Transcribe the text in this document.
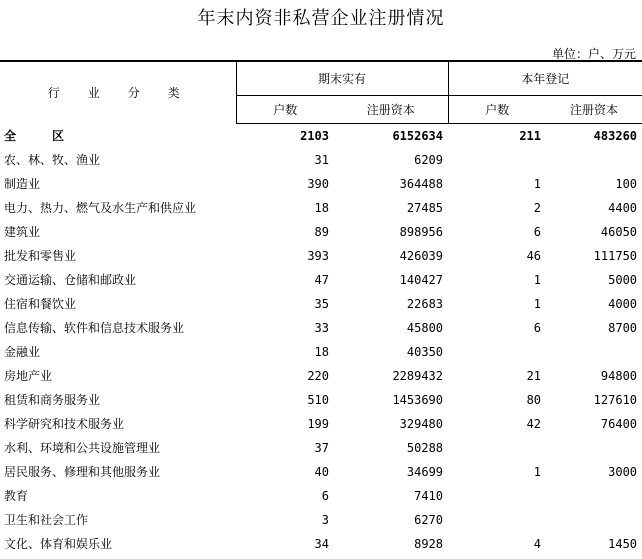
年末内资非私营企业注册情况
单位：户、万元
行业分类	期末实有		本年登记	
	户数	注册资本	户数	注册资本
全区	2103	6152634	211	483260
农、林、牧、渔业	31	6209		
制造业	390	364488	1	100
电力、热力、燃气及水生产和供应业	18	27485	2	4400
建筑业	89	898956	6	46050
批发和零售业	393	426039	46	111750
交通运输、仓储和邮政业	47	140427	1	5000
住宿和餐饮业	35	22683	1	4000
信息传输、软件和信息技术服务业	33	45800	6	8700
金融业	18	40350		
房地产业	220	2289432	21	94800
租赁和商务服务业	510	1453690	80	127610
科学研究和技术服务业	199	329480	42	76400
水利、环境和公共设施管理业	37	50288		
居民服务、修理和其他服务业	40	34699	1	3000
教育	6	7410		
卫生和社会工作	3	6270		
文化、体育和娱乐业	34	8928	4	1450
